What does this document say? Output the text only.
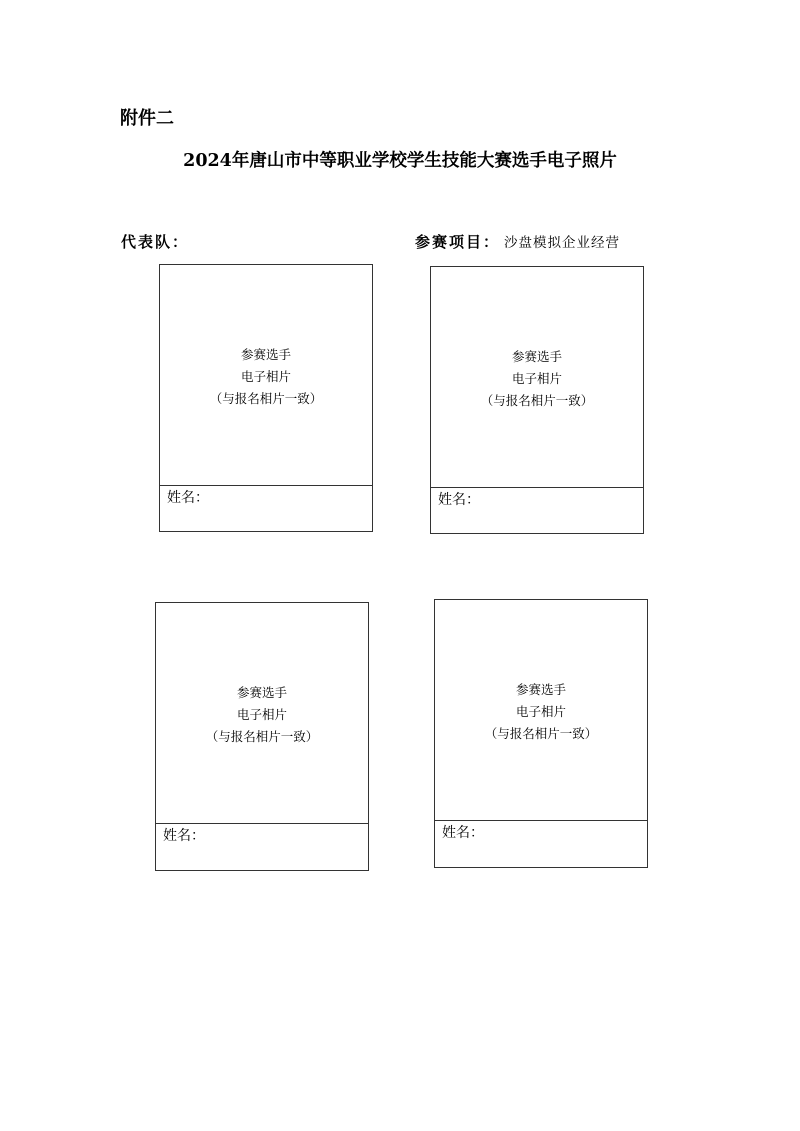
附件二
2024年唐山市中等职业学校学生技能大赛选手电子照片
代表队：	参赛项目： 沙盘模拟企业经营
参赛选手
电子相片
（与报名相片一致）
姓名：
参赛选手
电子相片
（与报名相片一致）
姓名：
参赛选手
电子相片
（与报名相片一致）
姓名：
参赛选手
电子相片
（与报名相片一致）
姓名：
